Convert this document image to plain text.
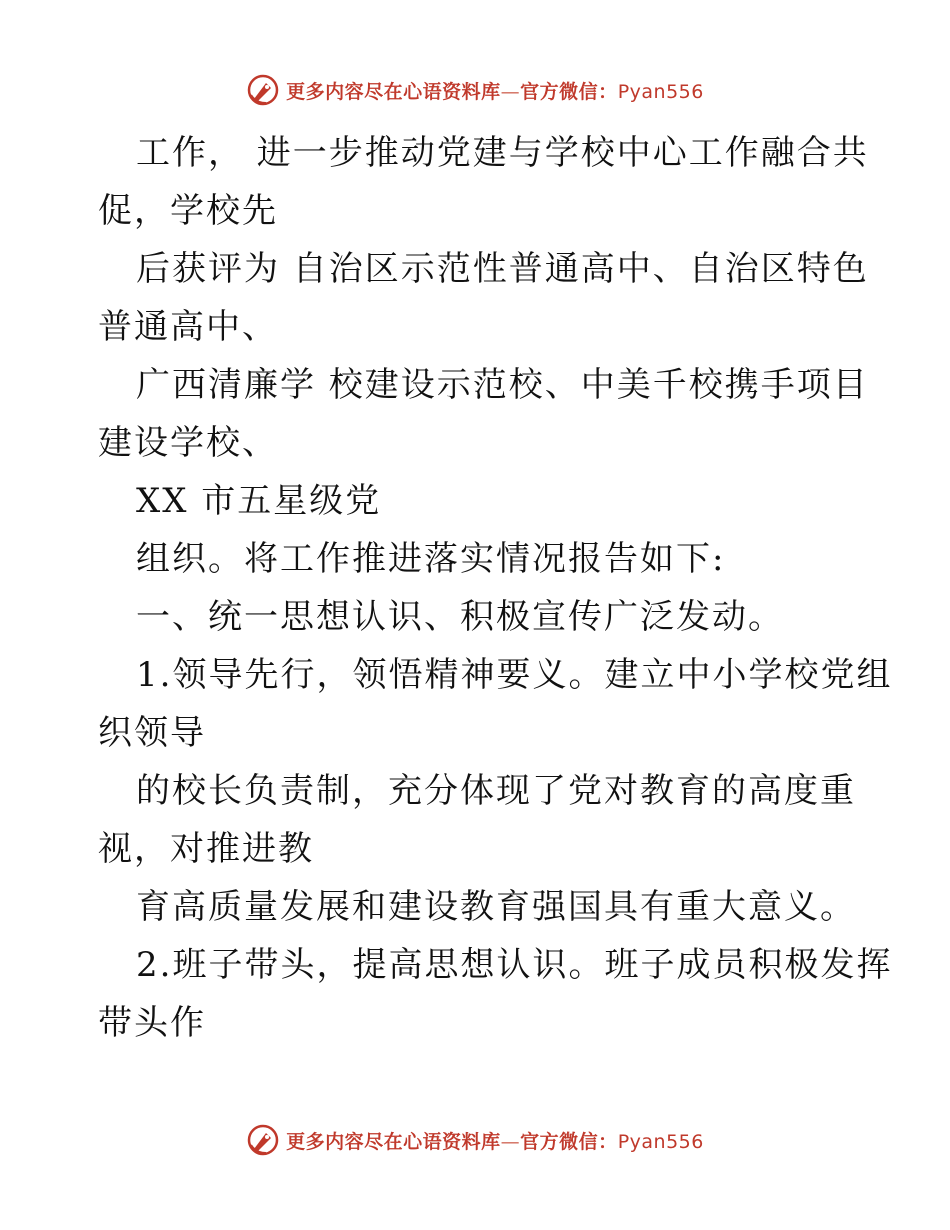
更多内容尽在心语资料库—官方微信：Pyan556
工作， 进一步推动党建与学校中心工作融合共
促，学校先
后获评为 自治区示范性普通高中、自治区特色
普通高中、
广西清廉学 校建设示范校、中美千校携手项目
建设学校、
XX 市五星级党
组织。将工作推进落实情况报告如下:
一、统一思想认识、积极宣传广泛发动。
1.领导先行，领悟精神要义。建立中小学校党组
织领导
的校长负责制，充分体现了党对教育的高度重
视，对推进教
育高质量发展和建设教育强国具有重大意义。
2.班子带头，提高思想认识。班子成员积极发挥
带头作
更多内容尽在心语资料库—官方微信：Pyan556
